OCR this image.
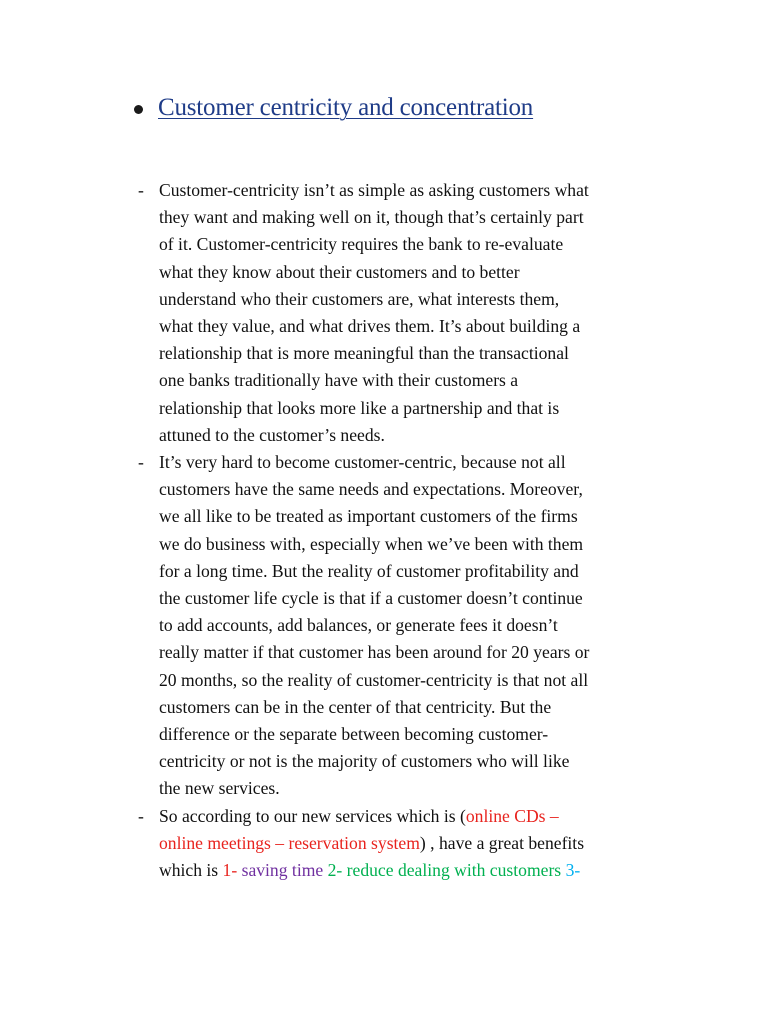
Customer centricity and concentration
- Customer-centricity isn’t as simple as asking customers what
they want and making well on it, though that’s certainly part
of it. Customer-centricity requires the bank to re-evaluate
what they know about their customers and to better
understand who their customers are, what interests them,
what they value, and what drives them. It’s about building a
relationship that is more meaningful than the transactional
one banks traditionally have with their customers a
relationship that looks more like a partnership and that is
attuned to the customer’s needs.
- It’s very hard to become customer-centric, because not all
customers have the same needs and expectations. Moreover,
we all like to be treated as important customers of the firms
we do business with, especially when we’ve been with them
for a long time. But the reality of customer profitability and
the customer life cycle is that if a customer doesn’t continue
to add accounts, add balances, or generate fees it doesn’t
really matter if that customer has been around for 20 years or
20 months, so the reality of customer-centricity is that not all
customers can be in the center of that centricity. But the
difference or the separate between becoming customer-
centricity or not is the majority of customers who will like
the new services.
- So according to our new services which is (online CDs –
online meetings – reservation system) , have a great benefits
which is 1- saving time 2- reduce dealing with customers 3-
